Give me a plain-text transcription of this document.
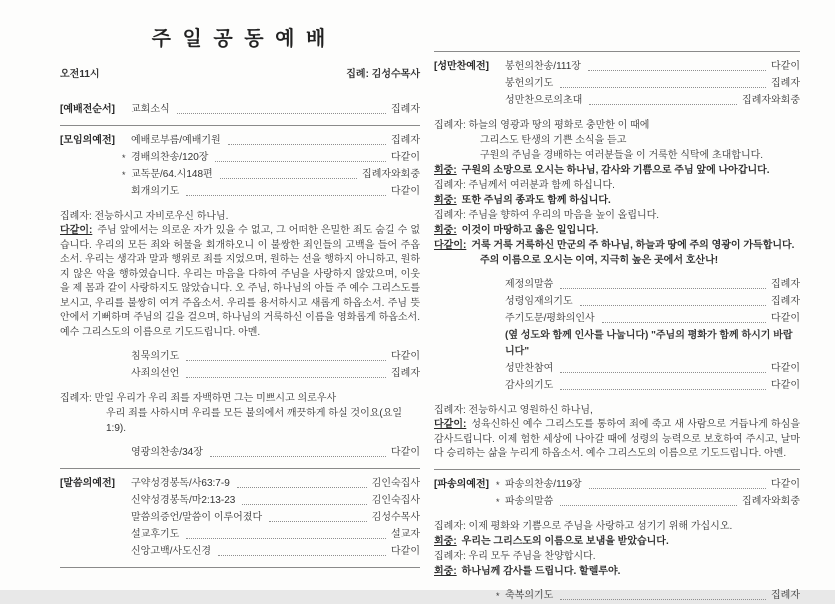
주 일 공 동 예 배
오전11시	집례: 김성수목사
[예배전순서]	교회소식	집례자
[모임의예전]	예배로부름/예배기원	집례자
* 경배의찬송/120장	다같이
* 교독문/64.시148편	집례자와회중
회개의기도	다같이

집례자: 전능하시고 자비로우신 하나님.

다같이: 주님 앞에서는 의로운 자가 있을 수 없고, 그 어떠한 은밀한 죄도 숨길 수 없습니다. 우리의 모든 죄와 허물을 회개하오니 이 불쌍한 죄인들의 고백을 들어 주옵소서. 우리는 생각과 말과 행위로 죄를 지었으며, 원하는 선을 행하지 아니하고, 원하지 않은 악을 행하였습니다. 우리는 마음을 다하여 주님을 사랑하지 않았으며, 이웃을 제 몸과 같이 사랑하지도 않았습니다. 오 주님, 하나님의 아들 주 예수 그리스도를 보시고, 우리를 불쌍히 여겨 주옵소서. 우리를 용서하시고 새롭게 하옵소서. 주님 뜻 안에서 기뻐하며 주님의 길을 걸으며, 하나님의 거룩하신 이름을 영화롭게 하옵소서. 예수 그리스도의 이름으로 기도드립니다. 아멘.

침묵의기도	다같이
사죄의선언	집례자

집례자: 만일 우리가 우리 죄를 자백하면 그는 미쁘시고 의로우사

우리 죄를 사하시며 우리를 모든 불의에서 깨끗하게 하실 것이요(요일1:9).

영광의찬송/34장	다같이
[말씀의예전]	구약성경봉독/사63:7-9	김인숙집사
신약성경봉독/마2:13-23	김인숙집사
말씀의증언/말씀이 이루어졌다	김성수목사
설교후기도	설교자
신앙고백/사도신경	다같이
[성만찬예전]	봉헌의찬송/111장	다같이
봉헌의기도	집례자
성만찬으로의초대	집례자와회중

집례자: 하늘의 영광과 땅의 평화로 충만한 이 때에

그리스도 탄생의 기쁜 소식을 듣고

구원의 주님을 경배하는 여러분들을 이 거룩한 식탁에 초대합니다.

회중: 구원의 소망으로 오시는 하나님, 감사와 기쁨으로 주님 앞에 나아갑니다.

집례자: 주님께서 여러분과 함께 하십니다.

회중: 또한 주님의 종과도 함께 하십니다.

집례자: 주님을 향하여 우리의 마음을 높이 올립니다.

회중: 이것이 마땅하고 옳은 일입니다.

다같이: 거룩 거룩 거룩하신 만군의 주 하나님, 하늘과 땅에 주의 영광이 가득합니다.

주의 이름으로 오시는 이여, 지극히 높은 곳에서 호산나!

제정의말씀	집례자
성령임재의기도	집례자
주기도문/평화의인사	다같이
(옆 성도와 함께 인사를 나눕니다) "주님의 평화가 함께 하시기 바랍니다"
성만찬참여	다같이
감사의기도	다같이

집례자: 전능하시고 영원하신 하나님,

다같이: 성육신하신 예수 그리스도를 통하여 죄에 죽고 새 사람으로 거듭나게 하심을 감사드립니다. 이제 험한 세상에 나아갈 때에 성령의 능력으로 보호하여 주시고, 날마다 승리하는 삶을 누리게 하옵소서. 예수 그리스도의 이름으로 기도드립니다. 아멘.

[파송의예전] * 파송의찬송/119장	다같이
* 파송의말씀	집례자와회중

집례자: 이제 평화와 기쁨으로 주님을 사랑하고 섬기기 위해 가십시오.

회중: 우리는 그리스도의 이름으로 보냄을 받았습니다.

집례자: 우리 모두 주님을 찬양합시다.

회중: 하나님께 감사를 드립니다. 할렐루야.

* 축복의기도	집례자
